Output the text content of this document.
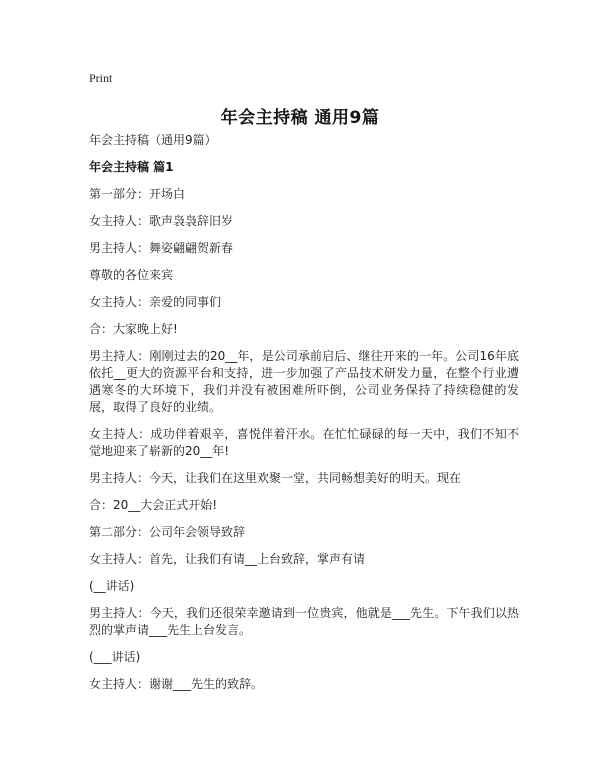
Print
年会主持稿 通用9篇

年会主持稿（通用9篇）

年会主持稿 篇1

第一部分：开场白

女主持人：歌声袅袅辞旧岁

男主持人：舞姿翩翩贺新春

尊敬的各位来宾

女主持人：亲爱的同事们

合：大家晚上好!

男主持人：刚刚过去的20__年，是公司承前启后、继往开来的一年。公司16年底依托__更大的资源平台和支持，进一步加强了产品技术研发力量，在整个行业遭遇寒冬的大环境下，我们并没有被困难所吓倒，公司业务保持了持续稳健的发展，取得了良好的业绩。

女主持人：成功伴着艰辛，喜悦伴着汗水。在忙忙碌碌的每一天中，我们不知不觉地迎来了崭新的20__年!

男主持人：今天，让我们在这里欢聚一堂，共同畅想美好的明天。现在

合：20__大会正式开始!

第二部分：公司年会领导致辞

女主持人：首先，让我们有请__上台致辞，掌声有请

(__讲话)

男主持人：今天，我们还很荣幸邀请到一位贵宾，他就是___先生。下午我们以热烈的掌声请___先生上台发言。

(___讲话)

女主持人：谢谢___先生的致辞。
